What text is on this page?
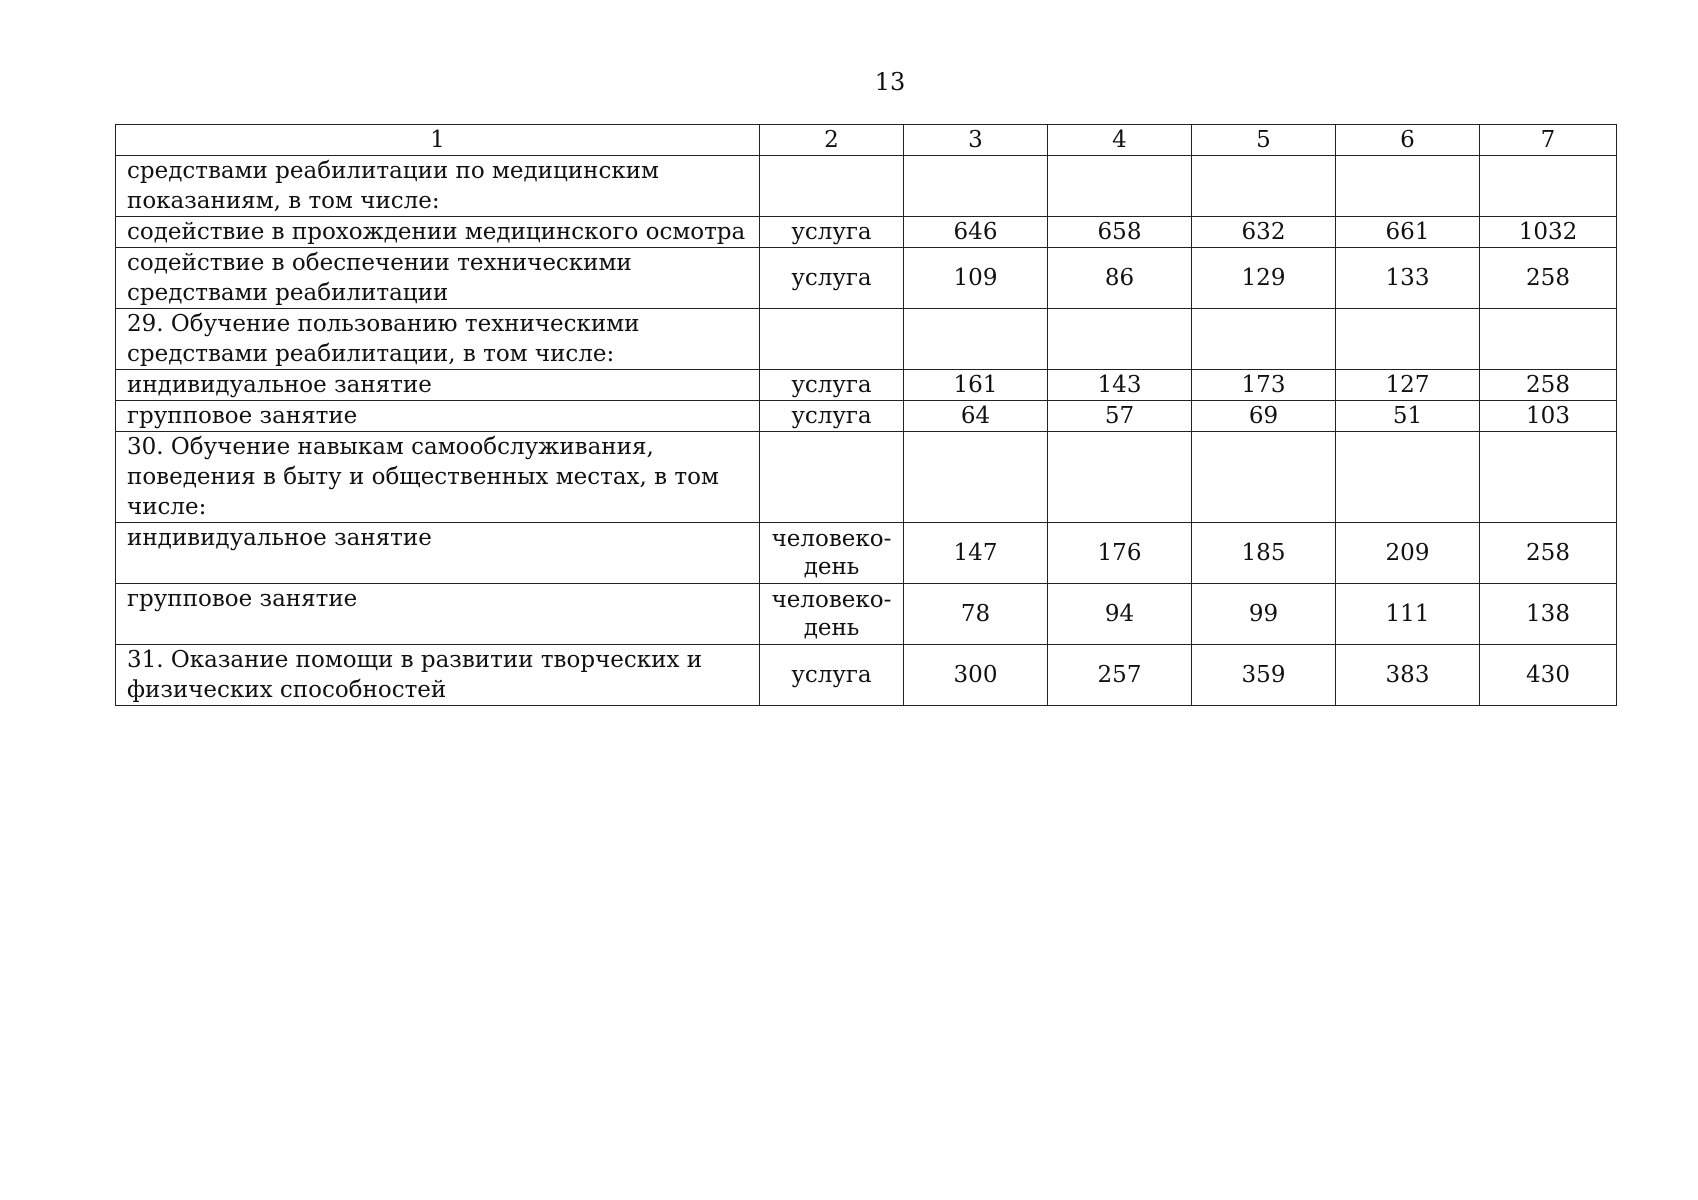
13
1	2	3	4	5	6	7
средствами реабилитации по медицинским показаниям, в том числе:						
содействие в прохождении медицинского осмотра	услуга	646	658	632	661	1032
содействие в обеспечении техническими средствами реабилитации	услуга	109	86	129	133	258
29. Обучение пользованию техническими средствами реабилитации, в том числе:						
индивидуальное занятие	услуга	161	143	173	127	258
групповое занятие	услуга	64	57	69	51	103
30. Обучение навыкам самообслуживания, поведения в быту и общественных местах, в том числе:						
индивидуальное занятие	человеко-день	147	176	185	209	258
групповое занятие	человеко-день	78	94	99	111	138
31. Оказание помощи в развитии творческих и физических способностей	услуга	300	257	359	383	430
